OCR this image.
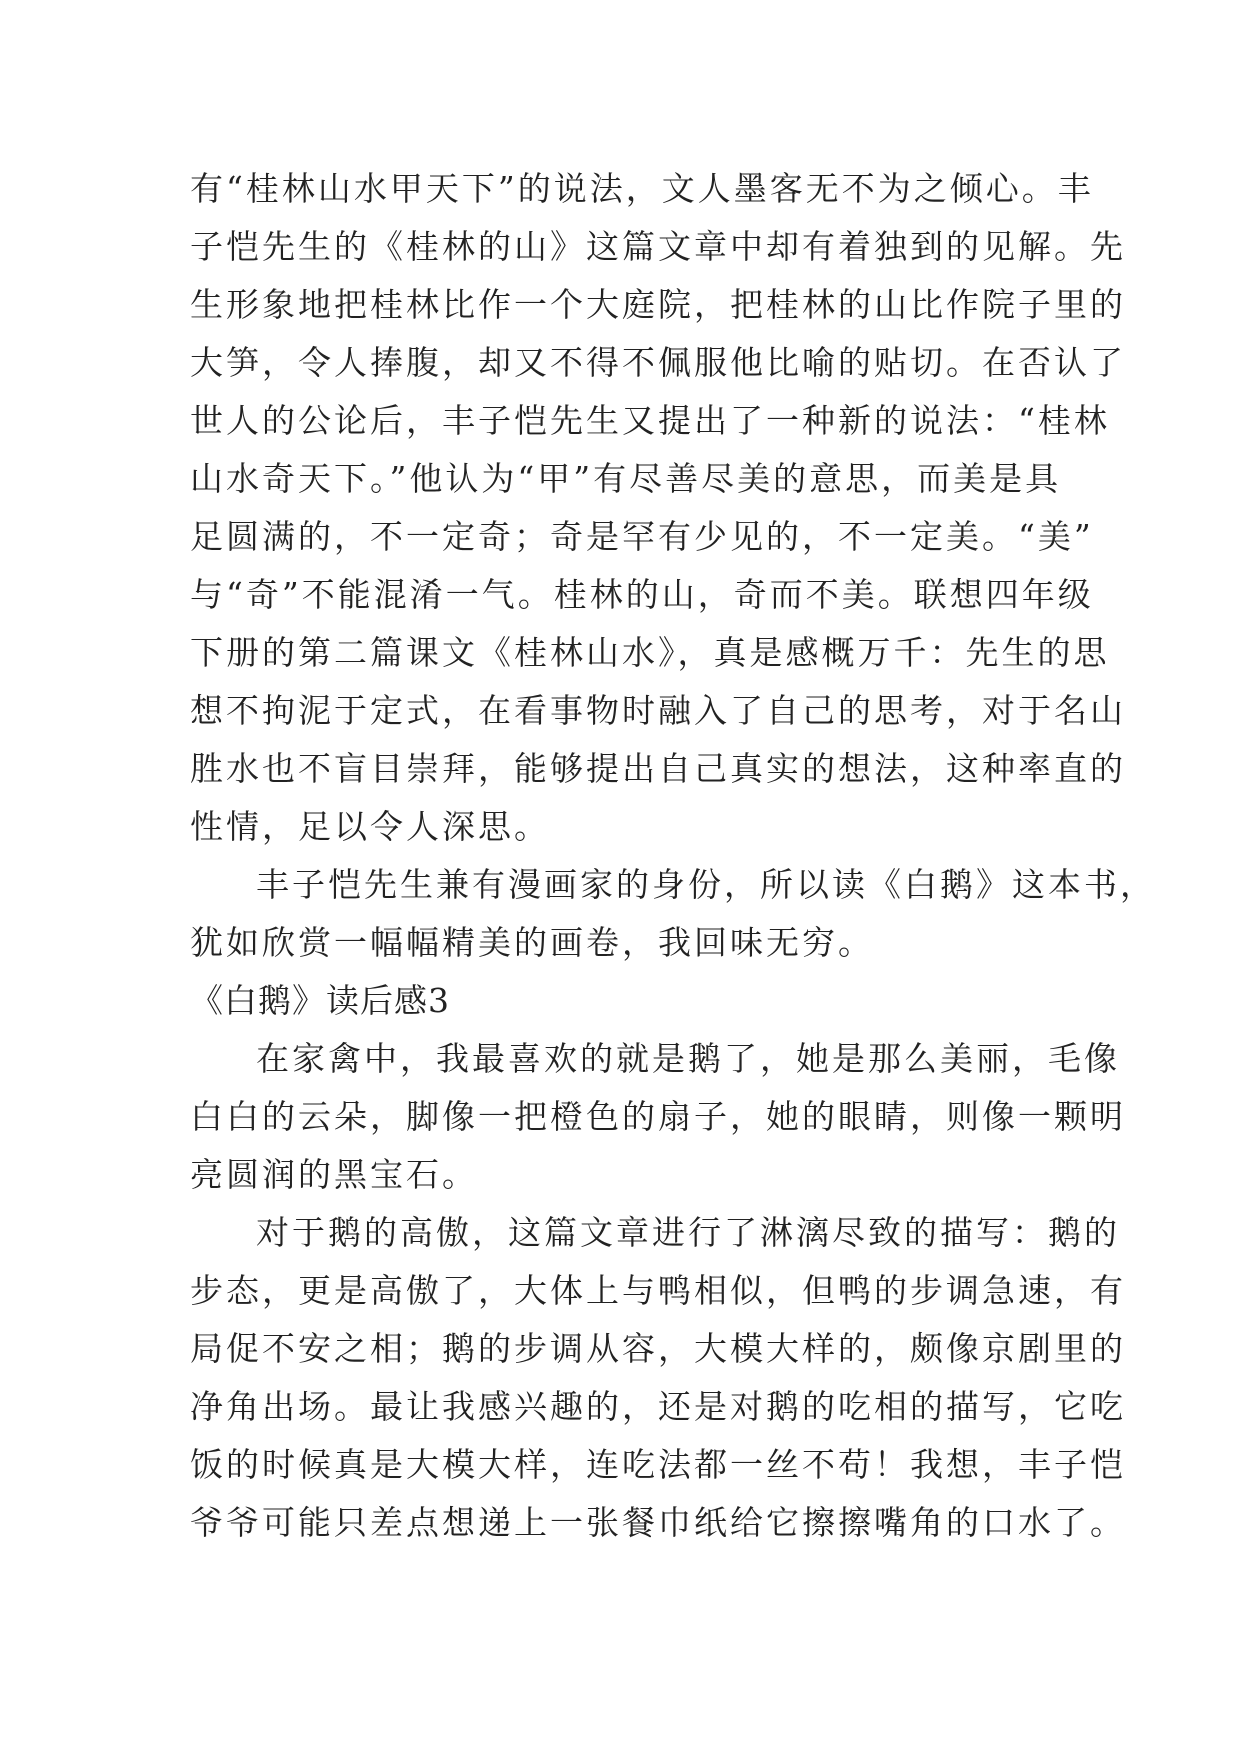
有“桂林山水甲天下”的说法，文人墨客无不为之倾心。丰
子恺先生的《桂林的山》这篇文章中却有着独到的见解。先
生形象地把桂林比作一个大庭院，把桂林的山比作院子里的
大笋，令人捧腹，却又不得不佩服他比喻的贴切。在否认了
世人的公论后，丰子恺先生又提出了一种新的说法：“桂林
山水奇天下。”他认为“甲”有尽善尽美的意思，而美是具
足圆满的，不一定奇；奇是罕有少见的，不一定美。“美”
与“奇”不能混淆一气。桂林的山，奇而不美。联想四年级
下册的第二篇课文《桂林山水》，真是感概万千：先生的思
想不拘泥于定式，在看事物时融入了自己的思考，对于名山
胜水也不盲目崇拜，能够提出自己真实的想法，这种率直的
性情，足以令人深思。
丰子恺先生兼有漫画家的身份，所以读《白鹅》这本书，
犹如欣赏一幅幅精美的画卷，我回味无穷。
《白鹅》读后感3
在家禽中，我最喜欢的就是鹅了，她是那么美丽，毛像
白白的云朵，脚像一把橙色的扇子，她的眼睛，则像一颗明
亮圆润的黑宝石。
对于鹅的高傲，这篇文章进行了淋漓尽致的描写：鹅的
步态，更是高傲了，大体上与鸭相似，但鸭的步调急速，有
局促不安之相；鹅的步调从容，大模大样的，颇像京剧里的
净角出场。最让我感兴趣的，还是对鹅的吃相的描写，它吃
饭的时候真是大模大样，连吃法都一丝不苟！我想，丰子恺
爷爷可能只差点想递上一张餐巾纸给它擦擦嘴角的口水了。
